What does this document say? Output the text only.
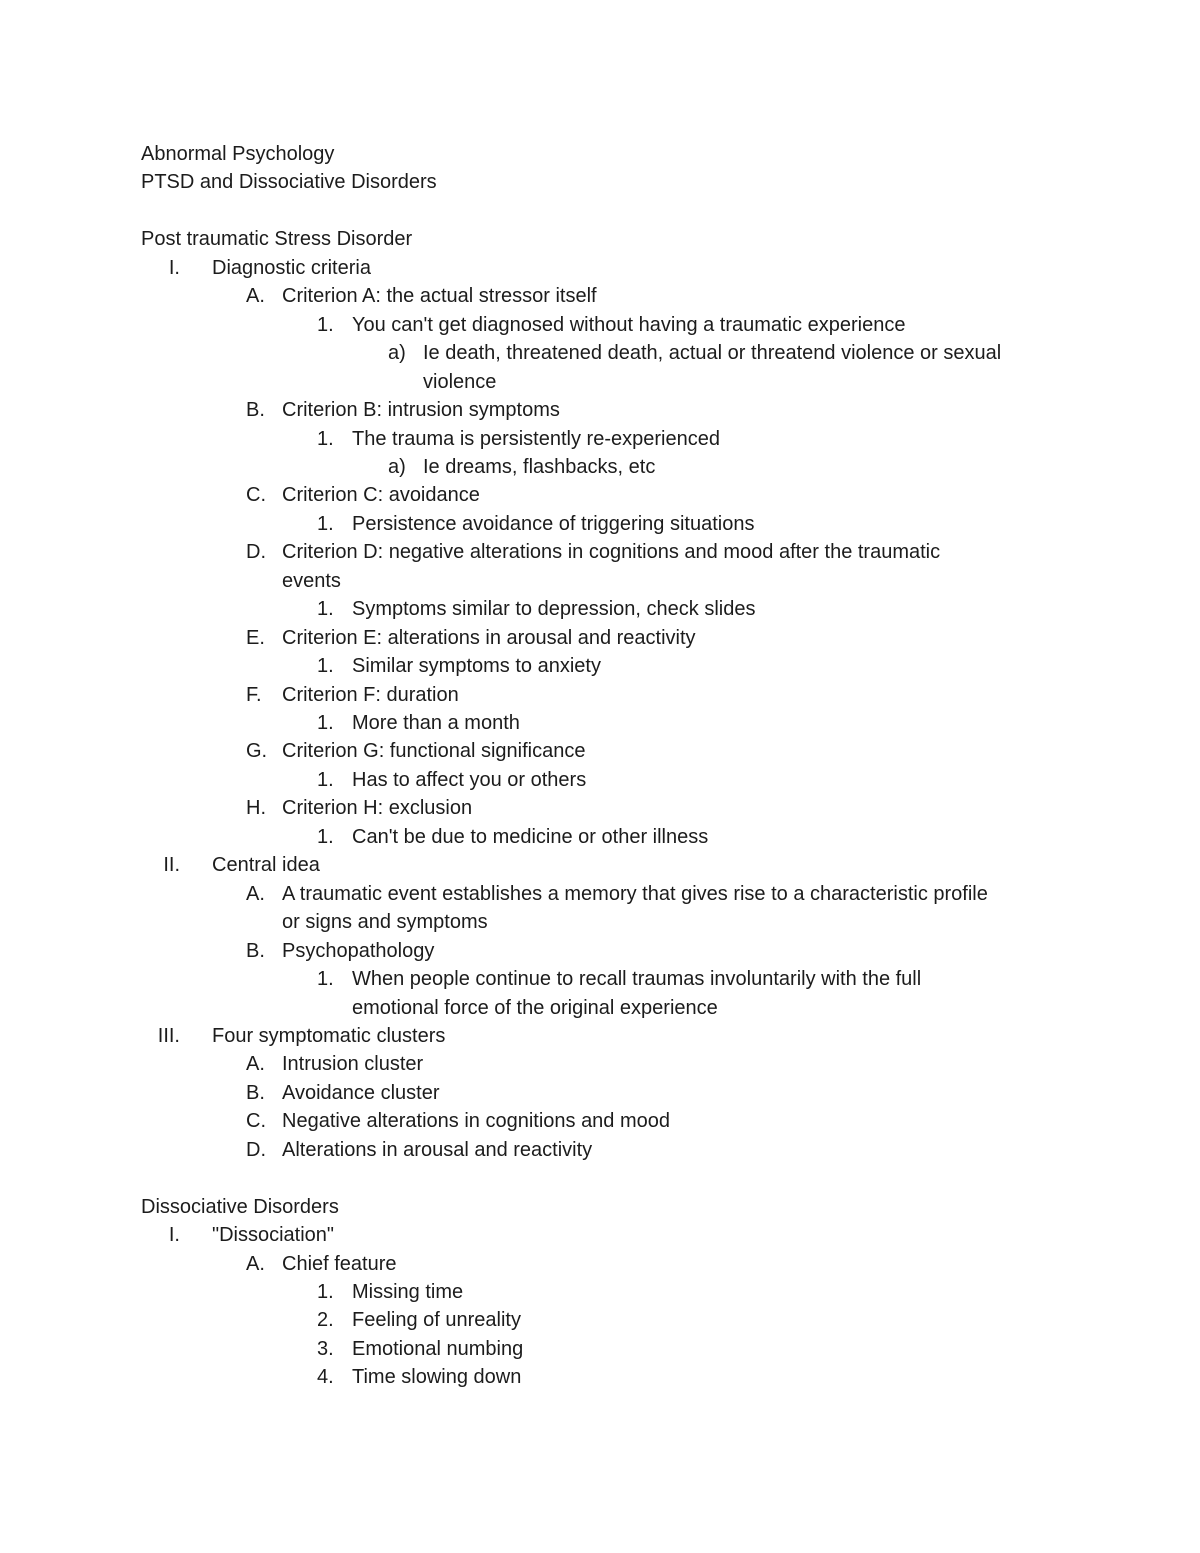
Abnormal Psychology
PTSD and Dissociative Disorders
Post traumatic Stress Disorder
I. Diagnostic criteria
A. Criterion A: the actual stressor itself
1. You can't get diagnosed without having a traumatic experience
a) Ie death, threatened death, actual or threatend violence or sexual
violence
B. Criterion B: intrusion symptoms
1. The trauma is persistently re-experienced
a) Ie dreams, flashbacks, etc
C. Criterion C: avoidance
1. Persistence avoidance of triggering situations
D. Criterion D: negative alterations in cognitions and mood after the traumatic
events
1. Symptoms similar to depression, check slides
E. Criterion E: alterations in arousal and reactivity
1. Similar symptoms to anxiety
F. Criterion F: duration
1. More than a month
G. Criterion G: functional significance
1. Has to affect you or others
H. Criterion H: exclusion
1. Can't be due to medicine or other illness
II. Central idea
A. A traumatic event establishes a memory that gives rise to a characteristic profile
or signs and symptoms
B. Psychopathology
1. When people continue to recall traumas involuntarily with the full
emotional force of the original experience
III. Four symptomatic clusters
A. Intrusion cluster
B. Avoidance cluster
C. Negative alterations in cognitions and mood
D. Alterations in arousal and reactivity
Dissociative Disorders
I. "Dissociation"
A. Chief feature
1. Missing time
2. Feeling of unreality
3. Emotional numbing
4. Time slowing down
